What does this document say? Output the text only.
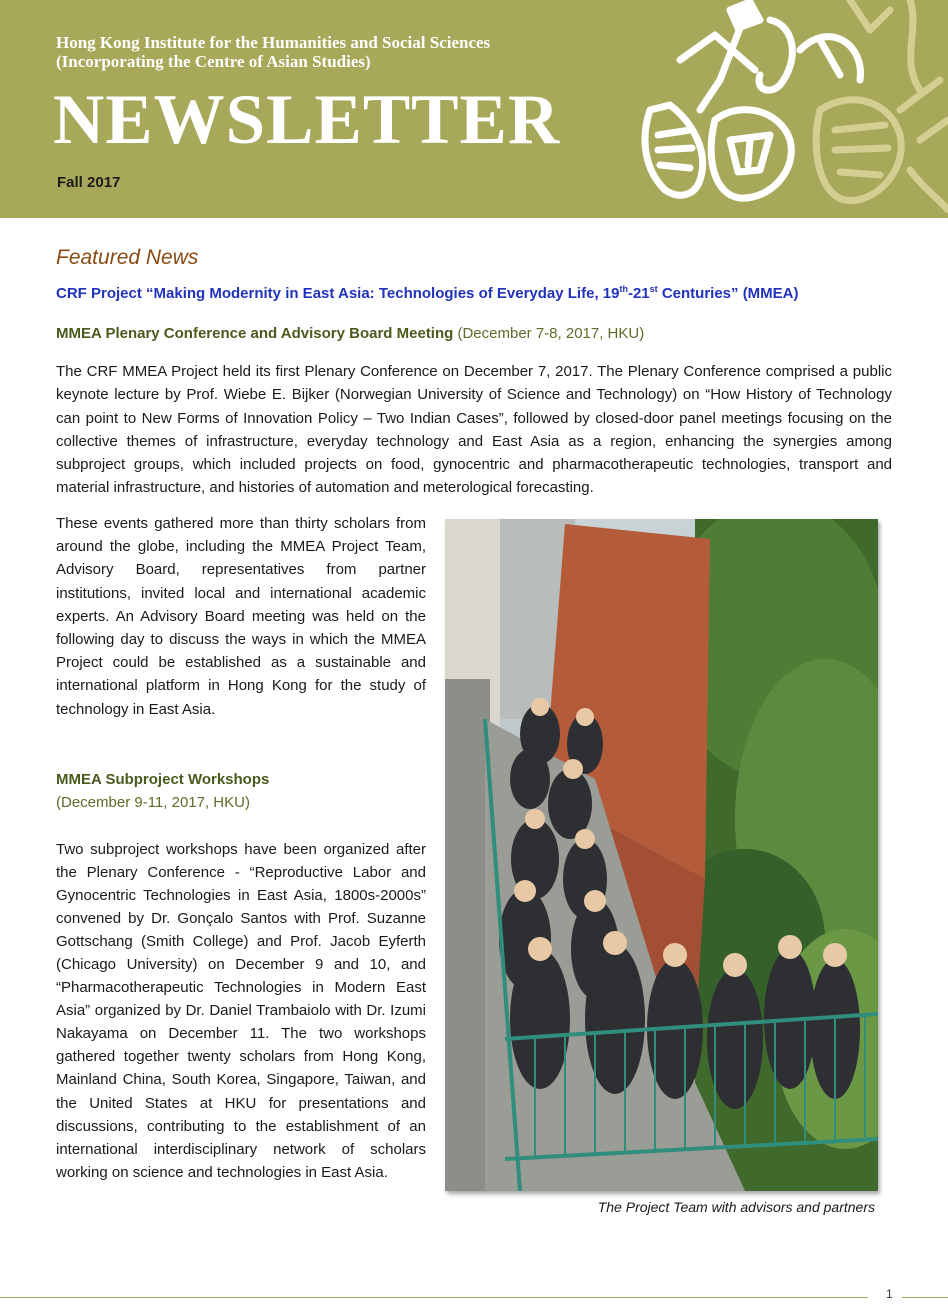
Hong Kong Institute for the Humanities and Social Sciences
(Incorporating the Centre of Asian Studies)
NEWSLETTER
Fall 2017
Featured News
CRF Project “Making Modernity in East Asia: Technologies of Everyday Life, 19th-21st Centuries” (MMEA)
MMEA Plenary Conference and Advisory Board Meeting (December 7-8, 2017, HKU)
The CRF MMEA Project held its first Plenary Conference on December 7, 2017. The Plenary Conference comprised a public keynote lecture by Prof. Wiebe E. Bijker (Norwegian University of Science and Technology) on “How History of Technology can point to New Forms of Innovation Policy – Two Indian Cases”, followed by closed-door panel meetings focusing on the collective themes of infrastructure, everyday technology and East Asia as a region, enhancing the synergies among subproject groups, which included projects on food, gynocentric and pharmacotherapeutic technologies, transport and material infrastructure, and histories of automation and meterological forecasting.
These events gathered more than thirty scholars from around the globe, including the MMEA Project Team, Advisory Board, representatives from partner institutions, invited local and international academic experts. An Advisory Board meeting was held on the following day to discuss the ways in which the MMEA Project could be established as a sustainable and international platform in Hong Kong for the study of technology in East Asia.
MMEA Subproject Workshops
(December 9-11, 2017, HKU)
Two subproject workshops have been organized after the Plenary Conference - “Reproductive Labor and Gynocentric Technologies in East Asia, 1800s-2000s” convened by Dr. Gonçalo Santos with Prof. Suzanne Gottschang (Smith College) and Prof. Jacob Eyferth (Chicago University) on December 9 and 10, and “Pharmacotherapeutic Technologies in Modern East Asia” organized by Dr. Daniel Trambaiolo with Dr. Izumi Nakayama on December 11. The two workshops gathered together twenty scholars from Hong Kong, Mainland China, South Korea, Singapore, Taiwan, and the United States at HKU for presentations and discussions, contributing to the establishment of an international interdisciplinary network of scholars working on science and technologies in East Asia.
The Project Team with advisors and partners
1
